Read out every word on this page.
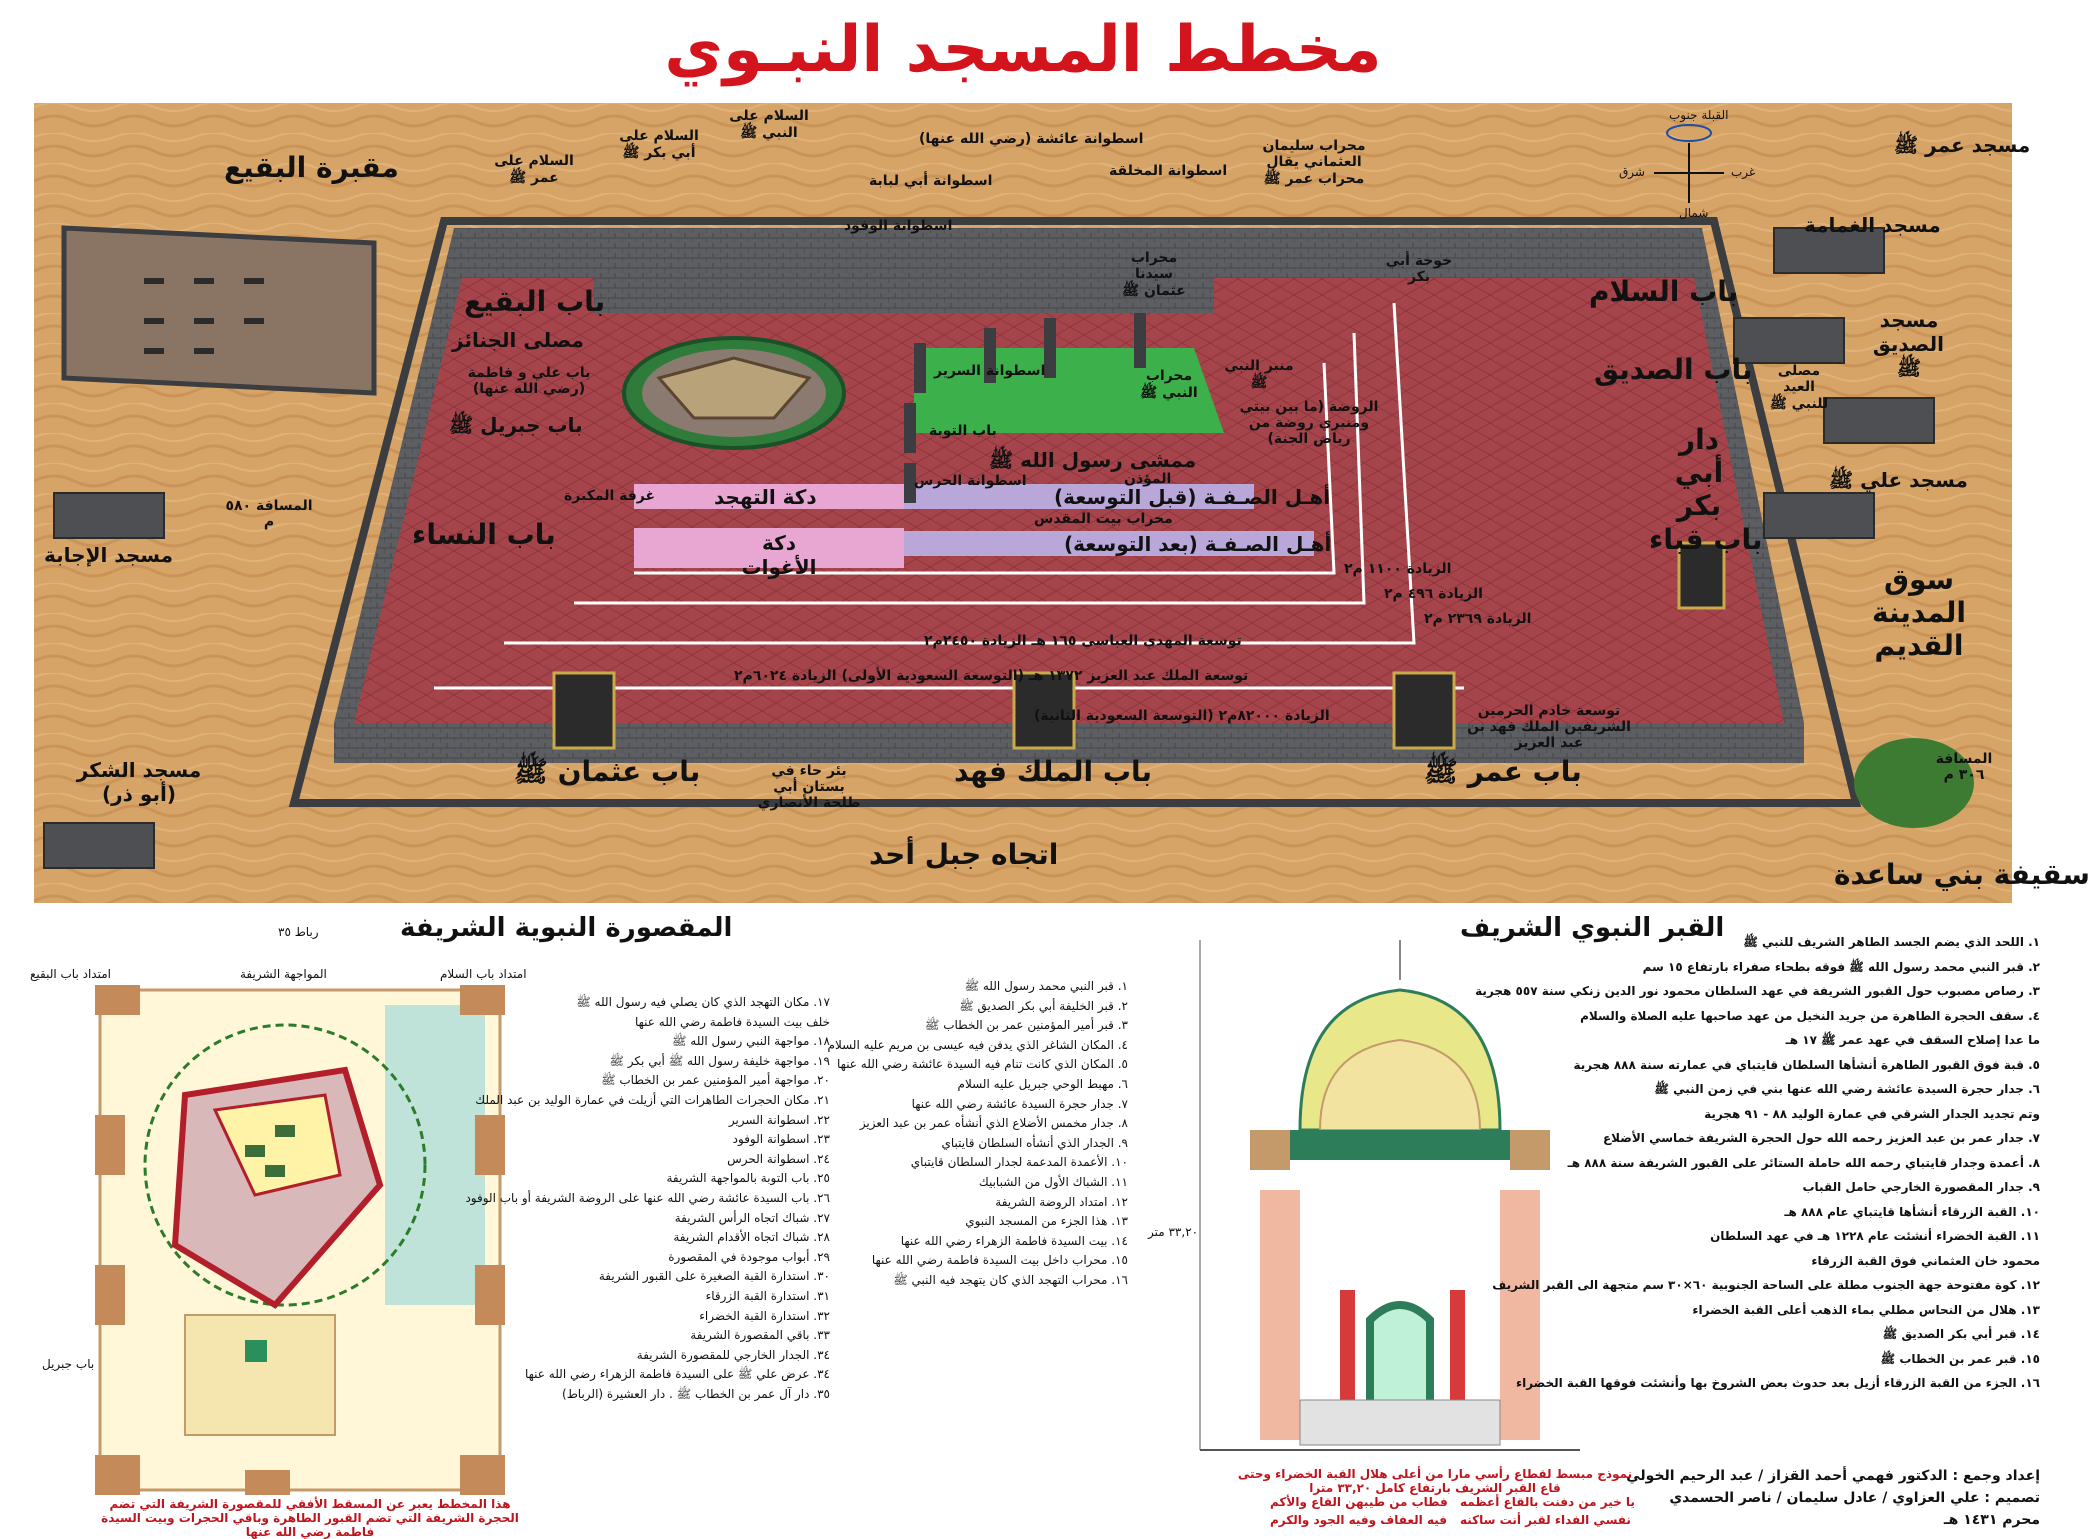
مخطط المسجد النبـوي
مقبرة البقيع	السلام على عمر ﷺ
السلام على أبي بكر ﷺ
السلام على النبي ﷺ	اسطوانة عائشة (رضي الله عنها)
اسطوانة أبي لبابة
اسطوانة المخلقة
محراب سليمان العثماني يقال محراب عمر ﷺ
محراب سيدنا عثمان ﷺ
اسطوانة الوفود
خوخة أبي بكر
باب البقيع
مصلى الجنائز
باب علي و فاطمة (رضي الله عنها)
باب جبريل ﷺ
باب النساء
باب السلام
باب الصديق
دار أبي بكر
باب قباء
باب عثمان ﷺ	باب الملك فهد	باب عمر ﷺ
اتجاه جبل أحد
سقيفة بني ساعدة
سوق المدينة القديم
مسجد عمر ﷺ
مسجد الغمامة
مسجد الصديق ﷺ
مسجد علي ﷺ
مصلى العيد للنبي ﷺ
مسجد الإجابة
مسجد الشكر (أبو ذر)
المسافة ٥٨٠ م
المسافة ٣٠٦ م
اسطوانة السرير
اسطوانة الحرس
باب التوبة
منبر النبي ﷺ
محراب النبي ﷺ
الروضة (ما بين بيتي ومنبري روضة من رياض الجنة)
ممشى رسول الله ﷺ
المؤذن
أهـل الصـفـة (قبل التوسعة)
أهـل الصـفـة (بعد التوسعة)
دكة التهجد
دكة الأغوات
محراب بيت المقدس
غرفة المكبرة
الزيادة ١١٠٠ م٢
الزيادة ٤٩٦ م٢
الزيادة ٢٣٦٩ م٢
توسعة المهدي العباسي ١٦٥ هـ الزيادة ٢٤٥٠م٢
توسعة الملك عبد العزيز ١٣٧٢ هـ (التوسعة السعودية الأولى) الزيادة ٦٠٢٤م٢
الزيادة ٨٢٠٠٠م٢ (التوسعة السعودية الثانية)	توسعة خادم الحرمين الشريفين الملك فهد بن عبد العزيز
بئر حاء في بستان أبي طلحة الأنصاري
القبلة جنوب
شمال
شرق	غرب
المقصورة النبوية الشريفة
امتداد باب البقيع	امتداد باب السلام
المواجهة الشريفة
رباط ٣٥
باب جبريل
هذا المخطط يعبر عن المسقط الأفقي للمقصورة الشريفة التي تضم الحجرة الشريفة التي تضم القبور الطاهرة وباقي الحجرات وبيت السيدة فاطمة رضي الله عنها
١. قبر النبي محمد رسول الله ﷺ
٢. قبر الخليفة أبي بكر الصديق ﷺ
٣. قبر أمير المؤمنين عمر بن الخطاب ﷺ
٤. المكان الشاغر الذي يدفن فيه عيسى بن مريم عليه السلام
٥. المكان الذي كانت تنام فيه السيدة عائشة رضي الله عنها
٦. مهبط الوحي جبريل عليه السلام
٧. جدار حجرة السيدة عائشة رضي الله عنها
٨. جدار مخمس الأضلاع الذي أنشأه عمر بن عبد العزيز
٩. الجدار الذي أنشأه السلطان قايتباي
١٠. الأعمدة المدعمة لجدار السلطان قايتباي
١١. الشباك الأول من الشبابيك
١٢. امتداد الروضة الشريفة
١٣. هذا الجزء من المسجد النبوي
١٤. بيت السيدة فاطمة الزهراء رضي الله عنها
١٥. محراب داخل بيت السيدة فاطمة رضي الله عنها
١٦. محراب التهجد الذي كان يتهجد فيه النبي ﷺ
١٧. مكان التهجد الذي كان يصلي فيه رسول الله ﷺ
خلف بيت السيدة فاطمة رضي الله عنها
١٨. مواجهة النبي رسول الله ﷺ
١٩. مواجهة خليفة رسول الله ﷺ أبي بكر ﷺ
٢٠. مواجهة أمير المؤمنين عمر بن الخطاب ﷺ
٢١. مكان الحجرات الطاهرات التي أزيلت في عمارة الوليد بن عبد الملك
٢٢. اسطوانة السرير
٢٣. اسطوانة الوفود
٢٤. اسطوانة الحرس
٢٥. باب التوبة بالمواجهة الشريفة
٢٦. باب السيدة عائشة رضي الله عنها على الروضة الشريفة أو باب الوفود
٢٧. شباك اتجاه الرأس الشريفة
٢٨. شباك اتجاه الأقدام الشريفة
٢٩. أبواب موجودة في المقصورة
٣٠. استدارة القبة الصغيرة على القبور الشريفة
٣١. استدارة القبة الزرقاء
٣٢. استدارة القبة الخضراء
٣٣. باقي المقصورة الشريفة
٣٤. الجدار الخارجي للمقصورة الشريفة
٣٤. عرض علي ﷺ على السيدة فاطمة الزهراء رضي الله عنها
٣٥. دار آل عمر بن الخطاب ﷺ . دار العشيرة (الرباط)
القبر النبوي الشريف
٣٣,٢٠ متر
نموذج مبسط لقطاع رأسي مارا من أعلى هلال القبة الخضراء وحتى قاع القبر الشريف بارتفاع كامل ٣٣,٢٠ مترا
يا خير من دفنت بالقاع أعظمه
فطاب من طيبهن القاع والأكم
نفسي الفداء لقبر أنت ساكنه
فيه العفاف وفيه الجود والكرم
١. اللحد الذي يضم الجسد الطاهر الشريف للنبي ﷺ
٢. قبر النبي محمد رسول الله ﷺ فوقه بطحاء صفراء بارتفاع ١٥ سم
٣. رصاص مصبوب حول القبور الشريفة في عهد السلطان محمود نور الدين زنكي سنة ٥٥٧ هجرية
٤. سقف الحجرة الطاهرة من جريد النخيل من عهد صاحبها عليه الصلاة والسلام
ما عدا إصلاح السقف في عهد عمر ﷺ ١٧ هـ
٥. قبة فوق القبور الطاهرة أنشأها السلطان قايتباي في عمارته سنة ٨٨٨ هجرية
٦. جدار حجرة السيدة عائشة رضي الله عنها بني في زمن النبي ﷺ
وتم تجديد الجدار الشرقي في عمارة الوليد ٨٨ - ٩١ هجرية
٧. جدار عمر بن عبد العزيز رحمه الله حول الحجرة الشريفة خماسي الأضلاع
٨. أعمدة وجدار قايتباي رحمه الله حاملة الستائر على القبور الشريفة سنة ٨٨٨ هـ
٩. جدار المقصورة الخارجي حامل القباب
١٠. القبة الزرقاء أنشأها قايتباي عام ٨٨٨ هـ
١١. القبة الخضراء أنشئت عام ١٢٢٨ هـ في عهد السلطان
محمود خان العثماني فوق القبة الزرقاء
١٢. كوة مفتوحة جهة الجنوب مطلة على الساحة الجنوبية ٦٠×٣٠ سم متجهة الى القبر الشريف
١٣. هلال من النحاس مطلي بماء الذهب أعلى القبة الخضراء
١٤. قبر أبي بكر الصديق ﷺ
١٥. قبر عمر بن الخطاب ﷺ
١٦. الجزء من القبة الزرقاء أزيل بعد حدوث بعض الشروخ بها وأنشئت فوقها القبة الخضراء
إعداد وجمع : الدكتور فهمي أحمد القزاز / عبد الرحيم الخولي
تصميم : علي العزاوي / عادل سليمان / ناصر الحسمدي
محرم ١٤٣١ هـ
